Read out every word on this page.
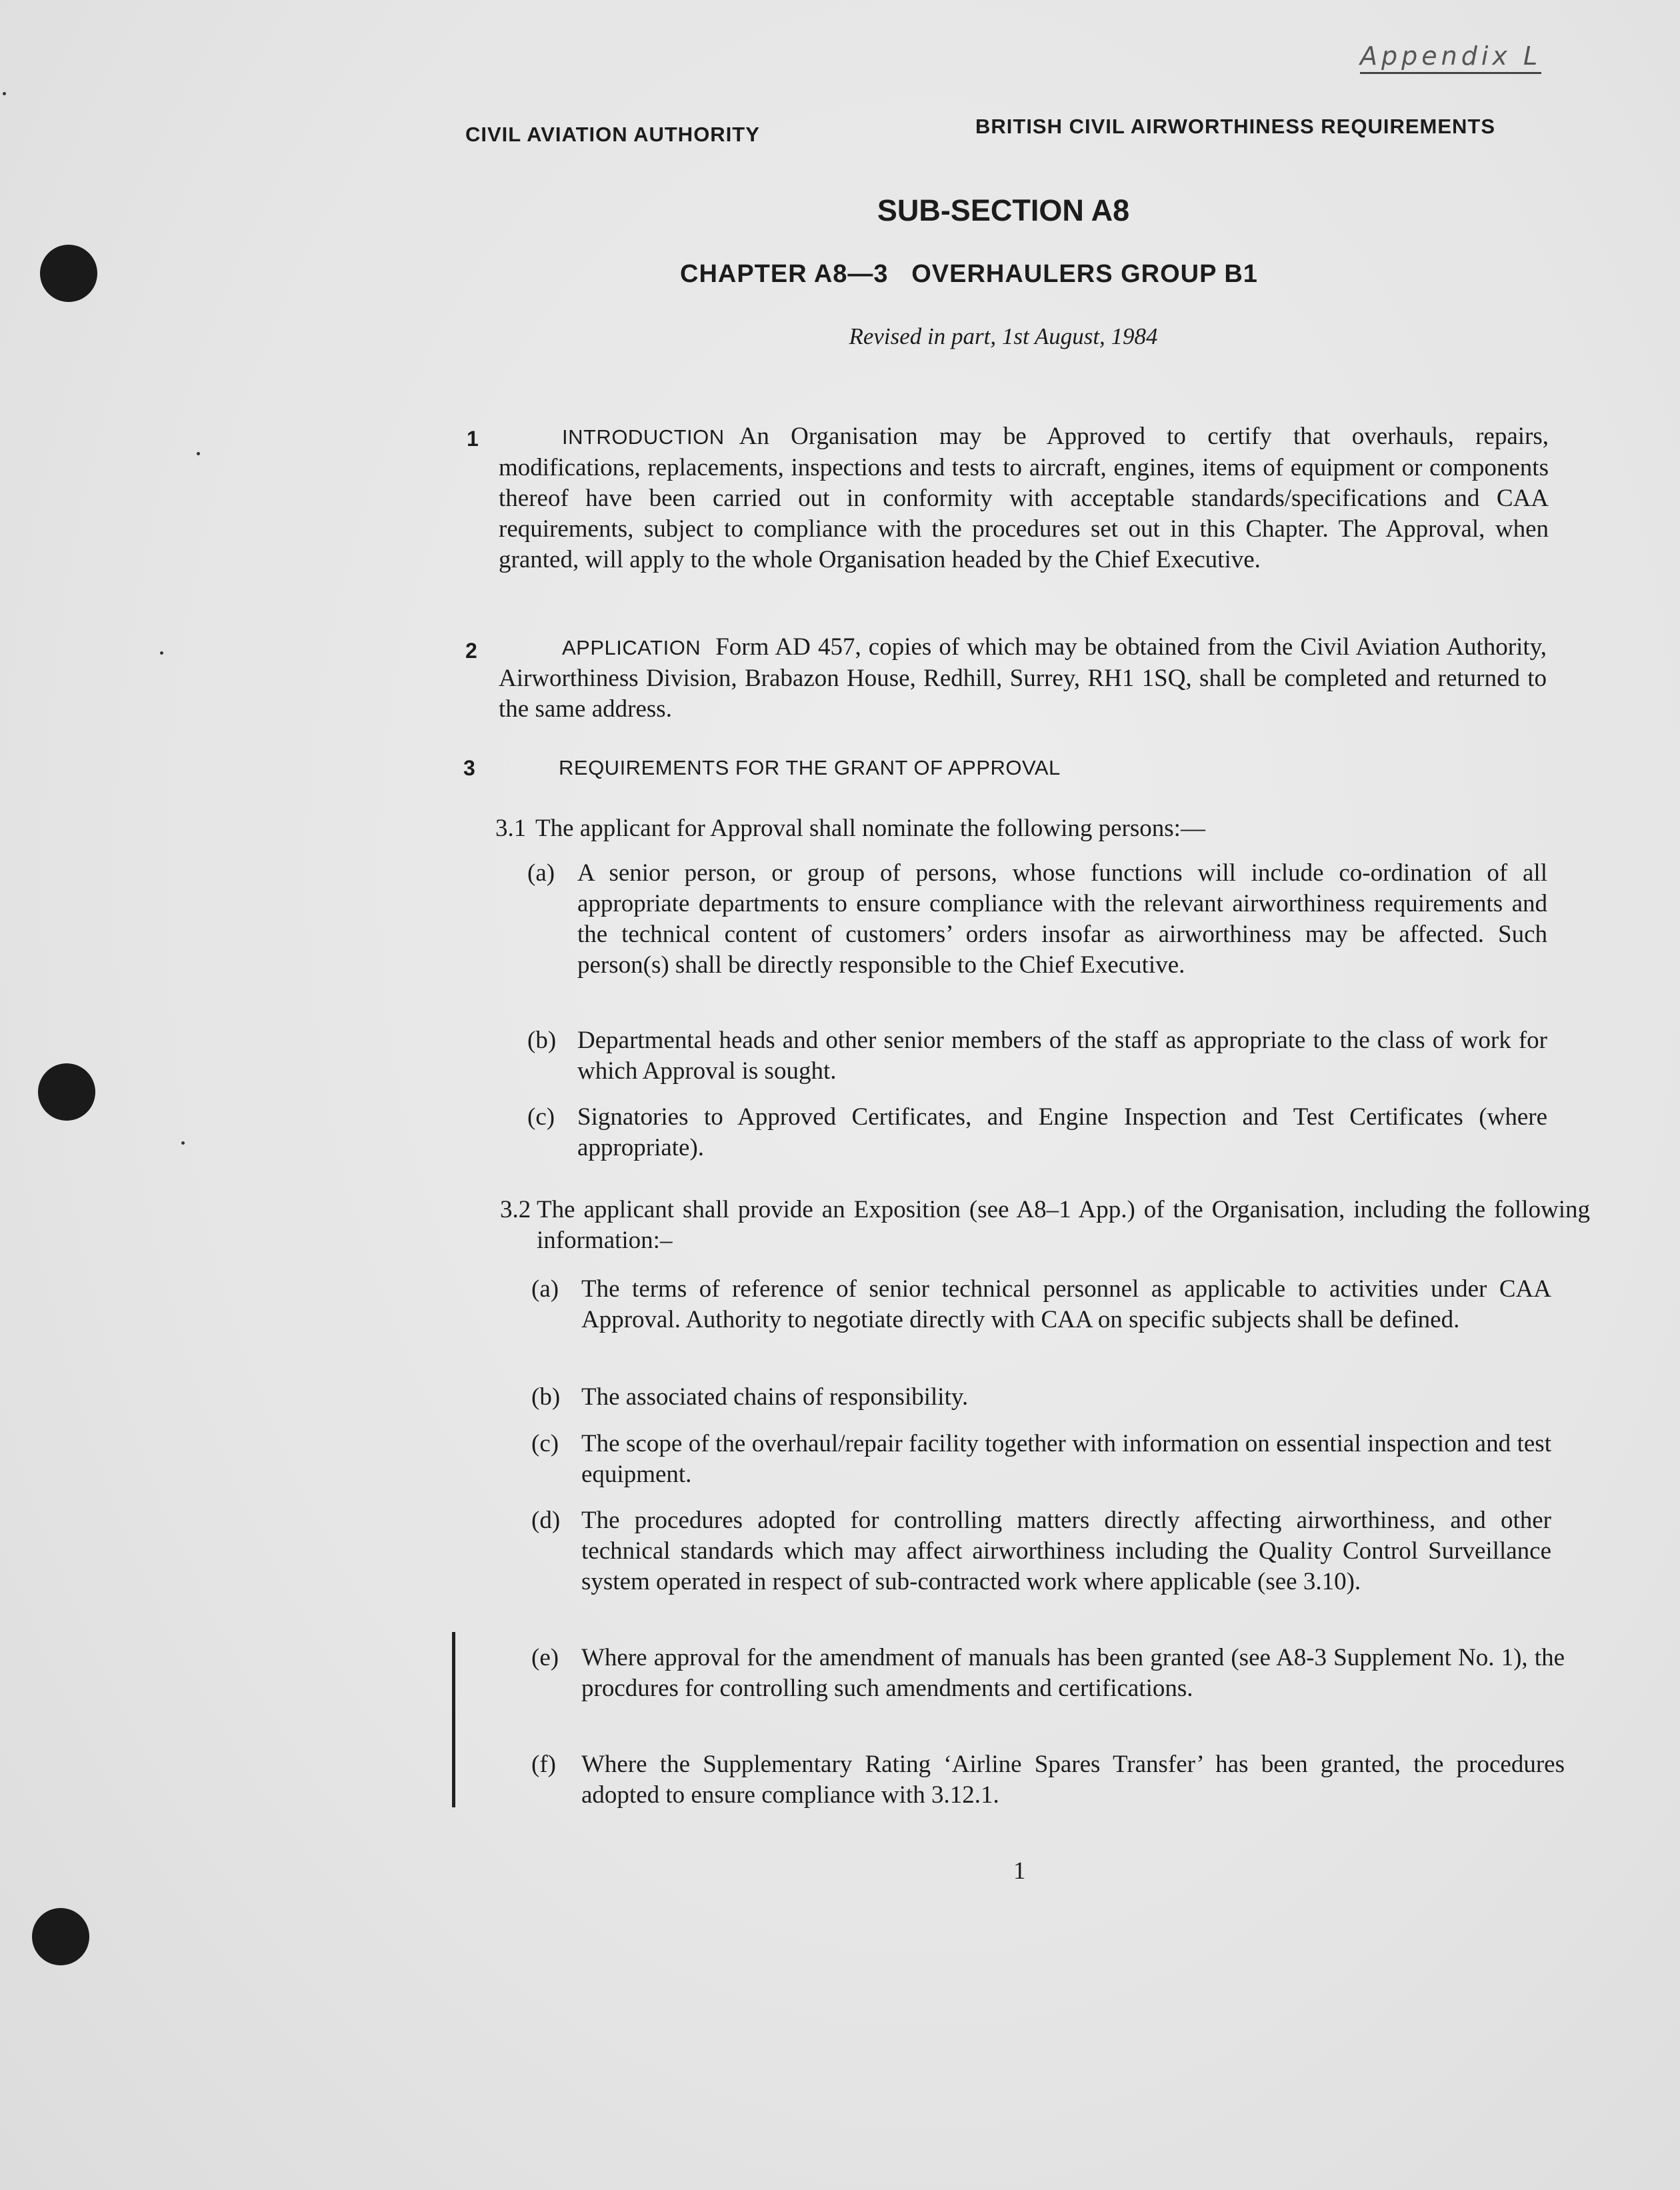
Appendix L
CIVIL AVIATION AUTHORITY	BRITISH CIVIL AIRWORTHINESS REQUIREMENTS
SUB-SECTION A8
CHAPTER A8—3   OVERHAULERS GROUP B1
Revised in part, 1st August, 1984
1	INTRODUCTION An Organisation may be Approved to certify that overhauls, repairs, modifications, replacements, inspections and tests to aircraft, engines, items of equipment or components thereof have been carried out in conformity with acceptable standards/specifications and CAA requirements, subject to compliance with the procedures set out in this Chapter. The Approval, when granted, will apply to the whole Organisation headed by the Chief Executive.
2	APPLICATION Form AD 457, copies of which may be obtained from the Civil Aviation Authority, Airworthiness Division, Brabazon House, Redhill, Surrey, RH1 1SQ, shall be completed and returned to the same address.
3	REQUIREMENTS FOR THE GRANT OF APPROVAL
3.1 The applicant for Approval shall nominate the following persons:—
(a) A senior person, or group of persons, whose functions will include co-ordination of all appropriate departments to ensure compliance with the relevant airworthiness requirements and the technical content of customers’ orders insofar as airworthiness may be affected. Such person(s) shall be directly responsible to the Chief Executive.
(b) Departmental heads and other senior members of the staff as appropriate to the class of work for which Approval is sought.
(c) Signatories to Approved Certificates, and Engine Inspection and Test Certificates (where appropriate).
3.2 The applicant shall provide an Exposition (see A8–1 App.) of the Organisation, including the following information:–
(a) The terms of reference of senior technical personnel as applicable to activities under CAA Approval. Authority to negotiate directly with CAA on specific subjects shall be defined.
(b) The associated chains of responsibility.
(c) The scope of the overhaul/repair facility together with information on essential inspection and test equipment.
(d) The procedures adopted for controlling matters directly affecting airworthiness, and other technical standards which may affect airworthiness including the Quality Control Surveillance system operated in respect of sub-contracted work where applicable (see 3.10).
(e) Where approval for the amendment of manuals has been granted (see A8-3 Supplement No. 1), the procdures for controlling such amendments and certifications.
(f) Where the Supplementary Rating ‘Airline Spares Transfer’ has been granted, the procedures adopted to ensure compliance with 3.12.1.
1
